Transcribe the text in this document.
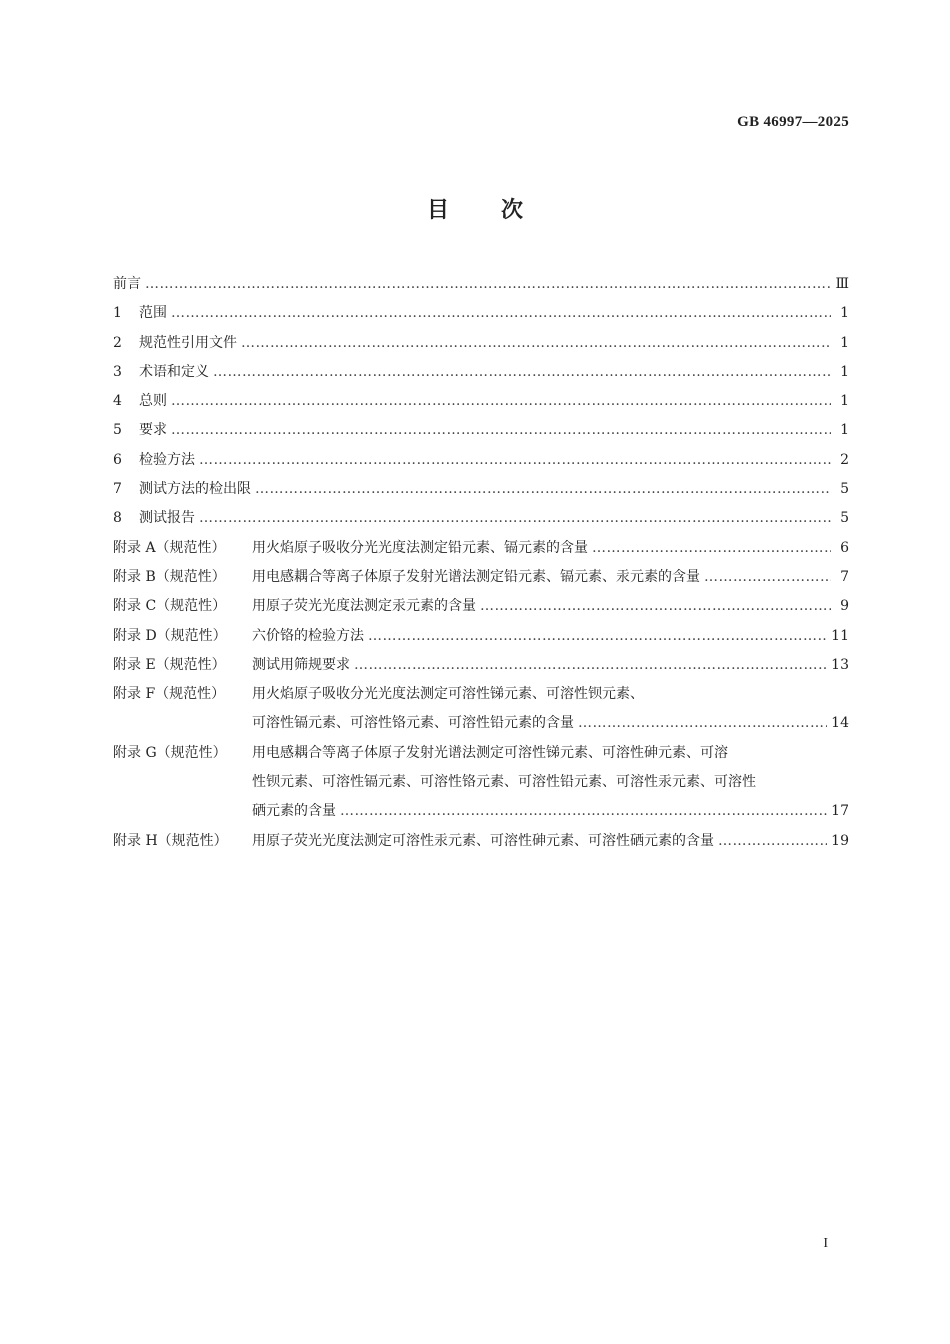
GB 46997—2025
目次
前言 …………………………………………………………………………………………………………………………………………………………………………………………………………	Ⅲ
1	范围 …………………………………………………………………………………………………………………………………………………………………………………………………………	1
2	规范性引用文件 …………………………………………………………………………………………………………………………………………………………………………………………………………	1
3	术语和定义 …………………………………………………………………………………………………………………………………………………………………………………………………………	1
4	总则 …………………………………………………………………………………………………………………………………………………………………………………………………………	1
5	要求 …………………………………………………………………………………………………………………………………………………………………………………………………………	1
6	检验方法 …………………………………………………………………………………………………………………………………………………………………………………………………………	2
7	测试方法的检出限 …………………………………………………………………………………………………………………………………………………………………………………………………………	5
8	测试报告 …………………………………………………………………………………………………………………………………………………………………………………………………………	5
附录 A（规范性）	用火焰原子吸收分光光度法测定铅元素、镉元素的含量 …………………………………………………………………………………………………………………………………………………………………………………………………………	6
附录 B（规范性）	用电感耦合等离子体原子发射光谱法测定铅元素、镉元素、汞元素的含量 …………………………………………………………………………………………………………………………………………………………………………………………………………	7
附录 C（规范性）	用原子荧光光度法测定汞元素的含量 …………………………………………………………………………………………………………………………………………………………………………………………………………	9
附录 D（规范性）	六价铬的检验方法 …………………………………………………………………………………………………………………………………………………………………………………………………………	11
附录 E（规范性）	测试用筛规要求 …………………………………………………………………………………………………………………………………………………………………………………………………………	13
附录 F（规范性）	用火焰原子吸收分光光度法测定可溶性锑元素、可溶性钡元素、
可溶性镉元素、可溶性铬元素、可溶性铅元素的含量 …………………………………………………………………………………………………………………………………………………………………………………………………………	14
附录 G（规范性）	用电感耦合等离子体原子发射光谱法测定可溶性锑元素、可溶性砷元素、可溶
性钡元素、可溶性镉元素、可溶性铬元素、可溶性铅元素、可溶性汞元素、可溶性
硒元素的含量 …………………………………………………………………………………………………………………………………………………………………………………………………………	17
附录 H（规范性）	用原子荧光光度法测定可溶性汞元素、可溶性砷元素、可溶性硒元素的含量 …………………………………………………………………………………………………………………………………………………………………………………………………………	19
I
